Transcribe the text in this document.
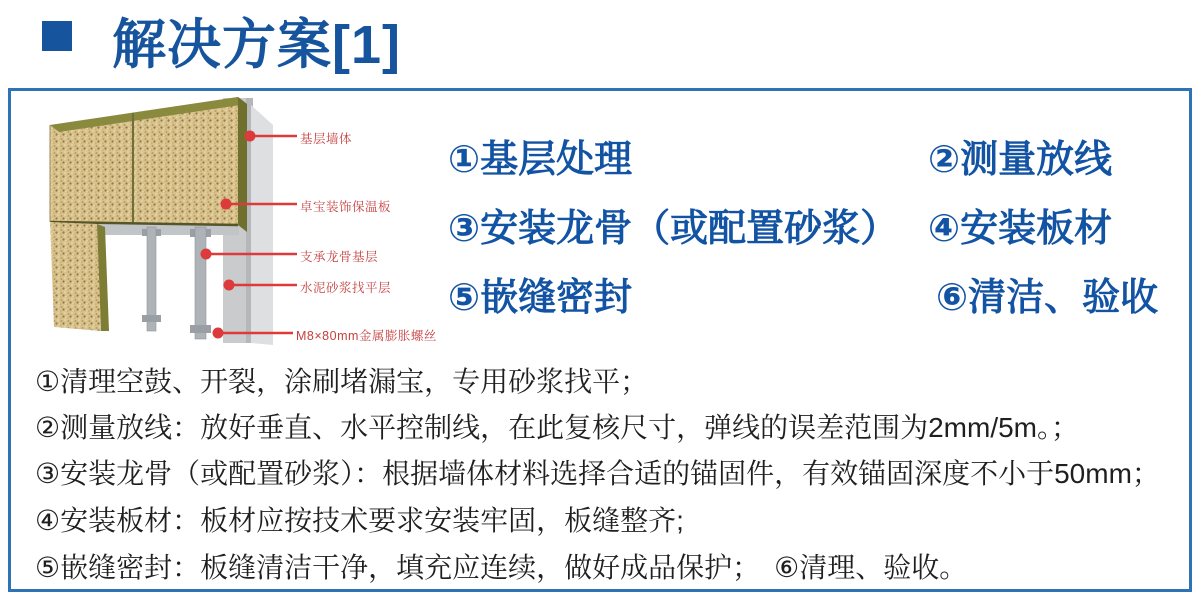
解决方案[1]
基层墙体
卓宝装饰保温板
支承龙骨基层
水泥砂浆找平层
M8×80mm金属膨胀螺丝
①基层处理	②测量放线
③安装龙骨（或配置砂浆） ④安装板材
⑤嵌缝密封	⑥清洁、验收
①清理空鼓、开裂，涂刷堵漏宝，专用砂浆找平；
②测量放线：放好垂直、水平控制线，在此复核尺寸，弹线的误差范围为2mm/5m。；
③安装龙骨（或配置砂浆）：根据墙体材料选择合适的锚固件，有效锚固深度不小于50mm；
④安装板材：板材应按技术要求安装牢固，板缝整齐;
⑤嵌缝密封：板缝清洁干净，填充应连续，做好成品保护；　⑥清理、验收。
